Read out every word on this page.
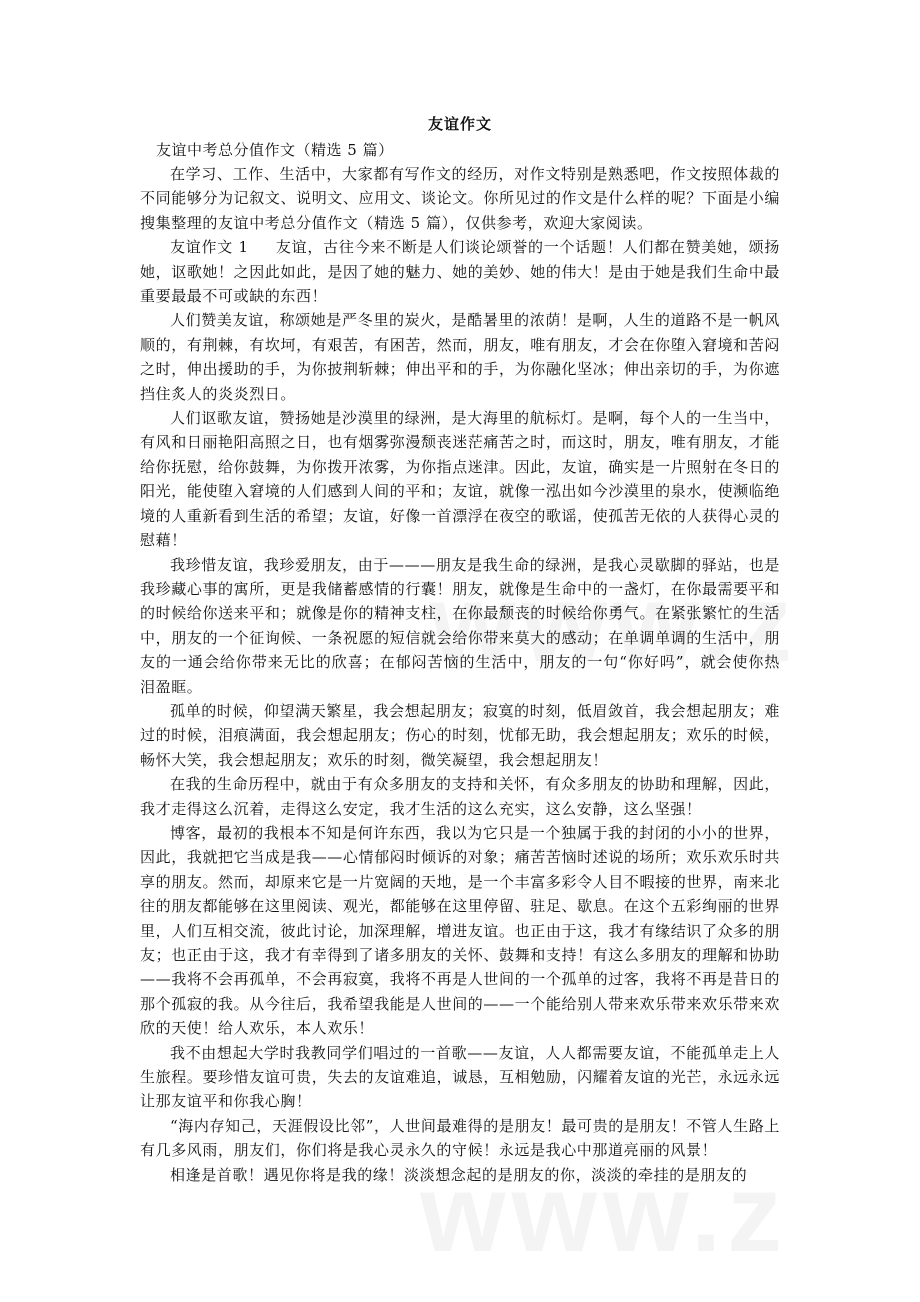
友谊作文

友谊中考总分值作文（精选 5 篇）

在学习、工作、生活中，大家都有写作文的经历，对作文特别是熟悉吧，作文按照体裁的不同能够分为记叙文、说明文、应用文、谈论文。你所见过的作文是什么样的呢？下面是小编搜集整理的友谊中考总分值作文（精选 5 篇），仅供参考，欢迎大家阅读。

友谊作文 1 友谊，古往今来不断是人们谈论颂誉的一个话题！人们都在赞美她，颂扬她，讴歌她！之因此如此，是因了她的魅力、她的美妙、她的伟大！是由于她是我们生命中最重要最最不可或缺的东西！

人们赞美友谊，称颂她是严冬里的炭火，是酷暑里的浓荫！是啊，人生的道路不是一帆风顺的，有荆棘，有坎坷，有艰苦，有困苦，然而，朋友，唯有朋友，才会在你堕入窘境和苦闷之时，伸出援助的手，为你披荆斩棘；伸出平和的手，为你融化坚冰；伸出亲切的手，为你遮挡住炙人的炎炎烈日。

人们讴歌友谊，赞扬她是沙漠里的绿洲，是大海里的航标灯。是啊，每个人的一生当中，有风和日丽艳阳高照之日，也有烟雾弥漫颓丧迷茫痛苦之时，而这时，朋友，唯有朋友，才能给你抚慰，给你鼓舞，为你拨开浓雾，为你指点迷津。因此，友谊，确实是一片照射在冬日的阳光，能使堕入窘境的人们感到人间的平和；友谊，就像一泓出如今沙漠里的泉水，使濒临绝境的人重新看到生活的希望；友谊，好像一首漂浮在夜空的歌谣，使孤苦无依的人获得心灵的慰藉！

我珍惜友谊，我珍爱朋友，由于———朋友是我生命的绿洲，是我心灵歇脚的驿站，也是我珍藏心事的寓所，更是我储蓄感情的行囊！朋友，就像是生命中的一盏灯，在你最需要平和的时候给你送来平和；就像是你的精神支柱，在你最颓丧的时候给你勇气。在紧张繁忙的生活中，朋友的一个征询候、一条祝愿的短信就会给你带来莫大的感动；在单调单调的生活中，朋友的一通会给你带来无比的欣喜；在郁闷苦恼的生活中，朋友的一句“你好吗”，就会使你热泪盈眶。

孤单的时候，仰望满天繁星，我会想起朋友；寂寞的时刻，低眉敛首，我会想起朋友；难过的时候，泪痕满面，我会想起朋友；伤心的时刻，忧郁无助，我会想起朋友；欢乐的时候，畅怀大笑，我会想起朋友；欢乐的时刻，微笑凝望，我会想起朋友！

在我的生命历程中，就由于有众多朋友的支持和关怀，有众多朋友的协助和理解，因此，我才走得这么沉着，走得这么安定，我才生活的这么充实，这么安静，这么坚强！

博客，最初的我根本不知是何许东西，我以为它只是一个独属于我的封闭的小小的世界，因此，我就把它当成是我——心情郁闷时倾诉的对象；痛苦苦恼时述说的场所；欢乐欢乐时共享的朋友。然而，却原来它是一片宽阔的天地，是一个丰富多彩令人目不暇接的世界，南来北往的朋友都能够在这里阅读、观光，都能够在这里停留、驻足、歇息。在这个五彩绚丽的世界里，人们互相交流，彼此讨论，加深理解，增进友谊。也正由于这，我才有缘结识了众多的朋友；也正由于这，我才有幸得到了诸多朋友的关怀、鼓舞和支持！有这么多朋友的理解和协助——我将不会再孤单，不会再寂寞，我将不再是人世间的一个孤单的过客，我将不再是昔日的那个孤寂的我。从今往后，我希望我能是人世间的——一个能给别人带来欢乐带来欢乐带来欢欣的天使！给人欢乐，本人欢乐！

我不由想起大学时我教同学们唱过的一首歌——友谊，人人都需要友谊，不能孤单走上人生旅程。要珍惜友谊可贵，失去的友谊难追，诚恳，互相勉励，闪耀着友谊的光芒，永远永远让那友谊平和你我心胸！

“海内存知己，天涯假设比邻”，人世间最难得的是朋友！最可贵的是朋友！不管人生路上有几多风雨，朋友们，你们将是我心灵永久的守候！永远是我心中那道亮丽的风景！

相逢是首歌！遇见你将是我的缘！淡淡想念起的是朋友的你，淡淡的牵挂的是朋友的
